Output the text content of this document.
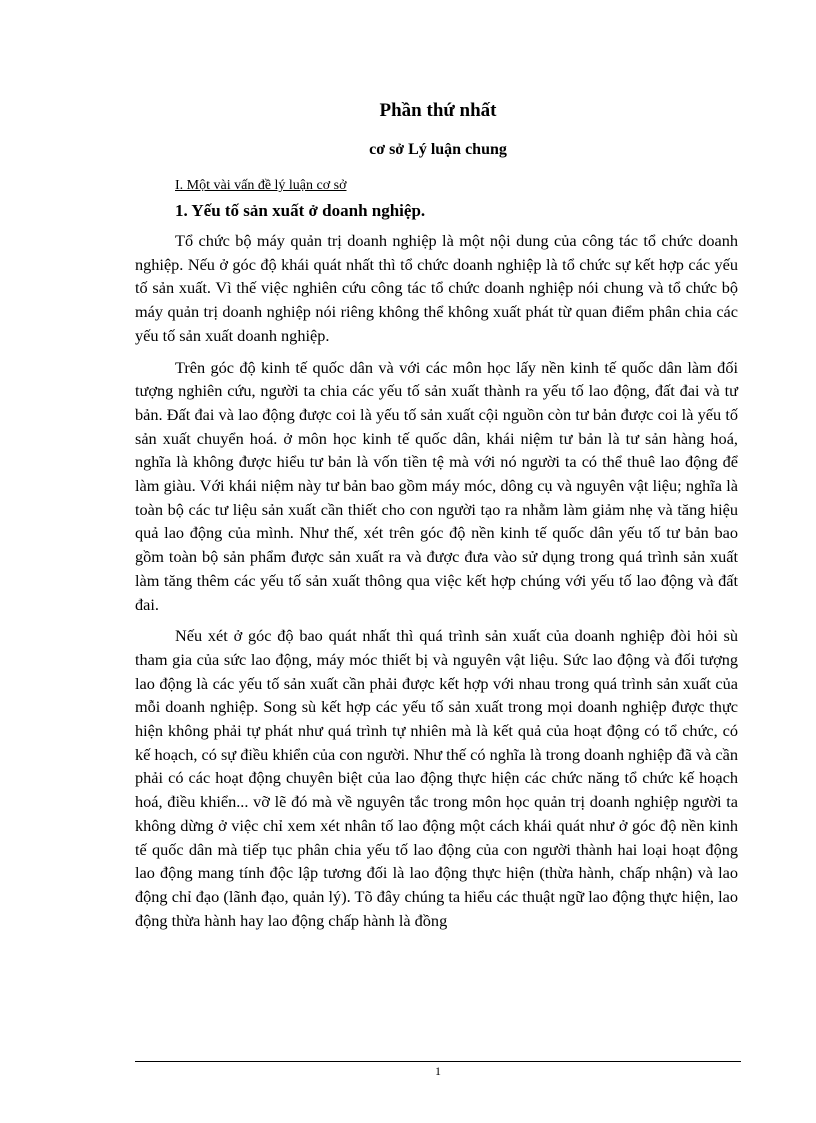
Phần thứ nhất
cơ sở Lý luận chung
I. Một vài vấn đề lý luận cơ sở
1. Yếu tố sản xuất ở doanh nghiệp.

Tổ chức bộ máy quản trị doanh nghiệp là một nội dung của công tác tổ chức doanh nghiệp. Nếu ở góc độ khái quát nhất thì tổ chức doanh nghiệp là tổ chức sự kết hợp các yếu tố sản xuất. Vì thế việc nghiên cứu công tác tổ chức doanh nghiệp nói chung và tổ chức bộ máy quản trị doanh nghiệp nói riêng không thể không xuất phát từ quan điểm phân chia các yếu tố sản xuất doanh nghiệp.

Trên góc độ kinh tế quốc dân và với các môn học lấy nền kinh tế quốc dân làm đối tượng nghiên cứu, người ta chia các yếu tố sản xuất thành ra yếu tố lao động, đất đai và tư bản. Đất đai và lao động được coi là yếu tố sản xuất cội nguồn còn tư bản được coi là yếu tố sản xuất chuyển hoá. ở môn học kinh tế quốc dân, khái niệm tư bản là tư sản hàng hoá, nghĩa là không được hiểu tư bản là vốn tiền tệ mà với nó người ta có thể thuê lao động để làm giàu. Với khái niệm này tư bản bao gồm máy móc, dông cụ và nguyên vật liệu; nghĩa là toàn bộ các tư liệu sản xuất cần thiết cho con người tạo ra nhằm làm giảm nhẹ và tăng hiệu quả lao động của mình. Như thế, xét trên góc độ nền kinh tế quốc dân yếu tố tư bản bao gồm toàn bộ sản phẩm được sản xuất ra và được đưa vào sử dụng trong quá trình sản xuất làm tăng thêm các yếu tố sản xuất thông qua việc kết hợp chúng với yếu tố lao động và đất đai.

Nếu xét ở góc độ bao quát nhất thì quá trình sản xuất của doanh nghiệp đòi hỏi sù tham gia của sức lao động, máy móc thiết bị và nguyên vật liệu. Sức lao động và đối tượng lao động là các yếu tố sản xuất cần phải được kết hợp với nhau trong quá trình sản xuất của mỗi doanh nghiệp. Song sù kết hợp các yếu tố sản xuất trong mọi doanh nghiệp được thực hiện không phải tự phát như quá trình tự nhiên mà là kết quả của hoạt động có tổ chức, có kế hoạch, có sự điều khiển của con người. Như thế có nghĩa là trong doanh nghiệp đã và cần phải có các hoạt động chuyên biệt của lao động thực hiện các chức năng tổ chức kế hoạch hoá, điều khiển... vỡ lẽ đó mà về nguyên tắc trong môn học quản trị doanh nghiệp người ta không dừng ở việc chỉ xem xét nhân tố lao động một cách khái quát như ở góc độ nền kinh tế quốc dân mà tiếp tục phân chia yếu tố lao động của con người thành hai loại hoạt động lao động mang tính độc lập tương đối là lao động thực hiện (thừa hành, chấp nhận) và lao động chỉ đạo (lãnh đạo, quản lý). Tõ đây chúng ta hiểu các thuật ngữ lao động thực hiện, lao động thừa hành hay lao động chấp hành là đồng

1
